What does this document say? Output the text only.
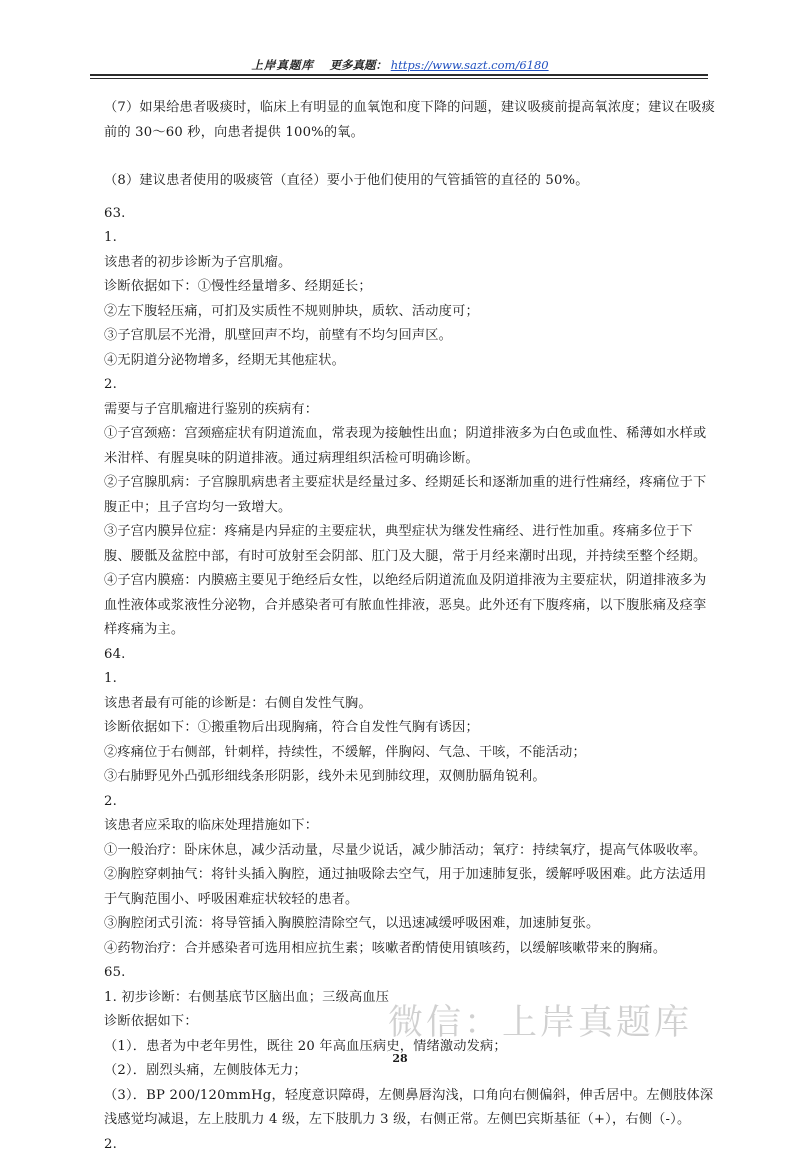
上岸真题库 更多真题： https://www.sazt.com/6180

（7）如果给患者吸痰时，临床上有明显的血氧饱和度下降的问题，建议吸痰前提高氧浓度；建议在吸痰前的 30～60 秒，向患者提供 100%的氧。

（8）建议患者使用的吸痰管（直径）要小于他们使用的气管插管的直径的 50%。

63.

1.

该患者的初步诊断为子宫肌瘤。

诊断依据如下：①慢性经量增多、经期延长；

②左下腹轻压痛，可扪及实质性不规则肿块，质软、活动度可；

③子宫肌层不光滑，肌壁回声不均，前壁有不均匀回声区。

④无阴道分泌物增多，经期无其他症状。

2.

需要与子宫肌瘤进行鉴别的疾病有：

①子宫颈癌：宫颈癌症状有阴道流血，常表现为接触性出血；阴道排液多为白色或血性、稀薄如水样或米泔样、有腥臭味的阴道排液。通过病理组织活检可明确诊断。

②子宫腺肌病：子宫腺肌病患者主要症状是经量过多、经期延长和逐渐加重的进行性痛经，疼痛位于下腹正中；且子宫均匀一致增大。

③子宫内膜异位症：疼痛是内异症的主要症状，典型症状为继发性痛经、进行性加重。疼痛多位于下腹、腰骶及盆腔中部，有时可放射至会阴部、肛门及大腿，常于月经来潮时出现，并持续至整个经期。

④子宫内膜癌：内膜癌主要见于绝经后女性，以绝经后阴道流血及阴道排液为主要症状，阴道排液多为血性液体或浆液性分泌物，合并感染者可有脓血性排液，恶臭。此外还有下腹疼痛，以下腹胀痛及痉挛样疼痛为主。

64.

1.

该患者最有可能的诊断是：右侧自发性气胸。

诊断依据如下：①搬重物后出现胸痛，符合自发性气胸有诱因；

②疼痛位于右侧部，针刺样，持续性，不缓解，伴胸闷、气急、干咳，不能活动；

③右肺野见外凸弧形细线条形阴影，线外未见到肺纹理，双侧肋膈角锐利。

2.

该患者应采取的临床处理措施如下：

①一般治疗：卧床休息，减少活动量，尽量少说话，减少肺活动；氧疗：持续氧疗，提高气体吸收率。

②胸腔穿刺抽气：将针头插入胸腔，通过抽吸除去空气，用于加速肺复张，缓解呼吸困难。此方法适用于气胸范围小、呼吸困难症状较轻的患者。

③胸腔闭式引流：将导管插入胸膜腔清除空气，以迅速减缓呼吸困难，加速肺复张。

④药物治疗：合并感染者可选用相应抗生素；咳嗽者酌情使用镇咳药，以缓解咳嗽带来的胸痛。

65.

1. 初步诊断：右侧基底节区脑出血；三级高血压

诊断依据如下：

（1）．患者为中老年男性，既往 20 年高血压病史，情绪激动发病；

（2）．剧烈头痛，左侧肢体无力；

（3）．BP 200/120mmHg，轻度意识障碍，左侧鼻唇沟浅，口角向右侧偏斜，伸舌居中。左侧肢体深浅感觉均减退，左上肢肌力 4 级，左下肢肌力 3 级，右侧正常。左侧巴宾斯基征（+），右侧（-）。

2.

微信：上岸真题库
28
